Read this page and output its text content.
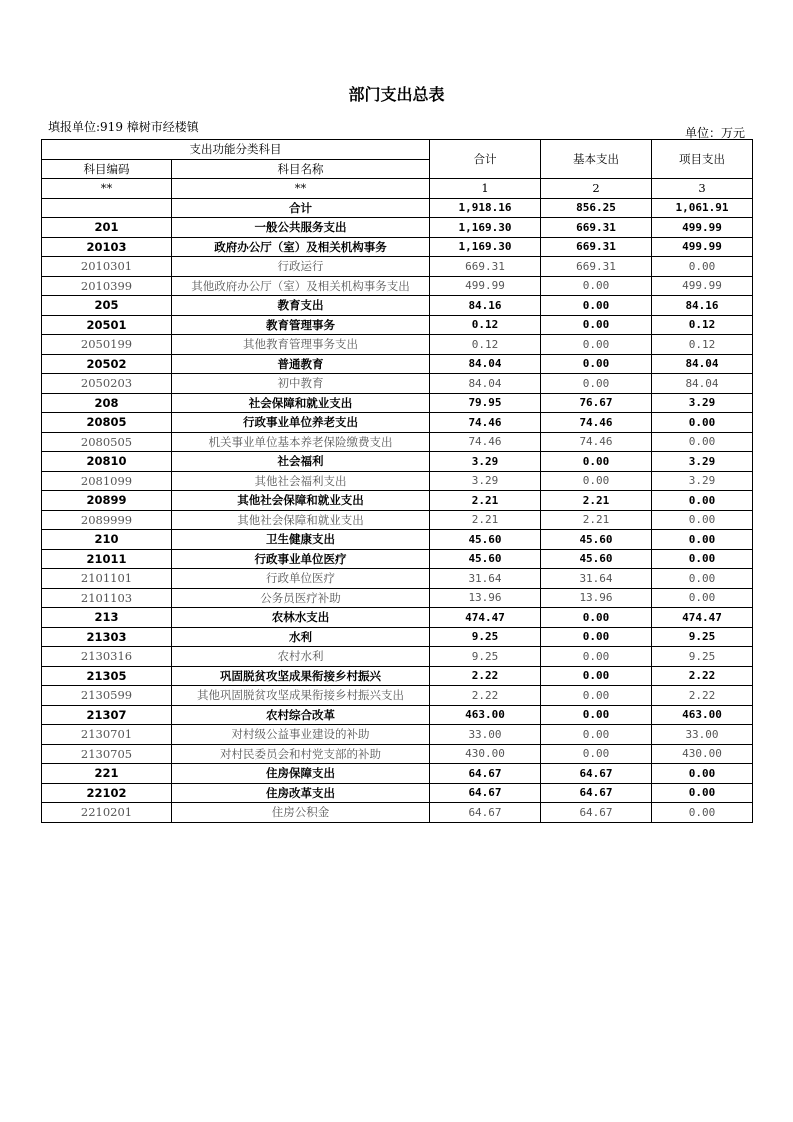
部门支出总表
填报单位:919 樟树市经楼镇	单位：万元
支出功能分类科目		合计	基本支出	项目支出
科目编码	科目名称			
**	**	1	2	3
	合计	1,918.16	856.25	1,061.91
201	一般公共服务支出	1,169.30	669.31	499.99
20103	政府办公厅（室）及相关机构事务	1,169.30	669.31	499.99
2010301	行政运行	669.31	669.31	0.00
2010399	其他政府办公厅（室）及相关机构事务支出	499.99	0.00	499.99
205	教育支出	84.16	0.00	84.16
20501	教育管理事务	0.12	0.00	0.12
2050199	其他教育管理事务支出	0.12	0.00	0.12
20502	普通教育	84.04	0.00	84.04
2050203	初中教育	84.04	0.00	84.04
208	社会保障和就业支出	79.95	76.67	3.29
20805	行政事业单位养老支出	74.46	74.46	0.00
2080505	机关事业单位基本养老保险缴费支出	74.46	74.46	0.00
20810	社会福利	3.29	0.00	3.29
2081099	其他社会福利支出	3.29	0.00	3.29
20899	其他社会保障和就业支出	2.21	2.21	0.00
2089999	其他社会保障和就业支出	2.21	2.21	0.00
210	卫生健康支出	45.60	45.60	0.00
21011	行政事业单位医疗	45.60	45.60	0.00
2101101	行政单位医疗	31.64	31.64	0.00
2101103	公务员医疗补助	13.96	13.96	0.00
213	农林水支出	474.47	0.00	474.47
21303	水利	9.25	0.00	9.25
2130316	农村水利	9.25	0.00	9.25
21305	巩固脱贫攻坚成果衔接乡村振兴	2.22	0.00	2.22
2130599	其他巩固脱贫攻坚成果衔接乡村振兴支出	2.22	0.00	2.22
21307	农村综合改革	463.00	0.00	463.00
2130701	对村级公益事业建设的补助	33.00	0.00	33.00
2130705	对村民委员会和村党支部的补助	430.00	0.00	430.00
221	住房保障支出	64.67	64.67	0.00
22102	住房改革支出	64.67	64.67	0.00
2210201	住房公积金	64.67	64.67	0.00
